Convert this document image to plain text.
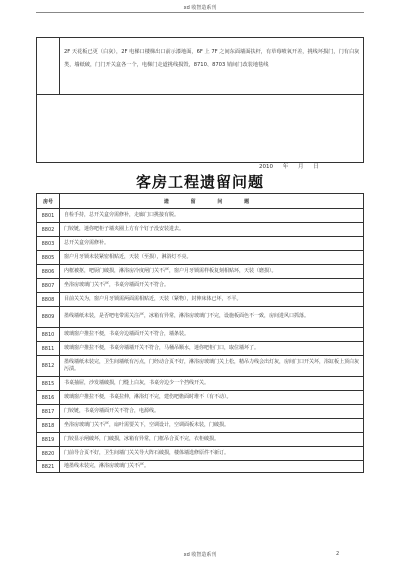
xd 收智造系刊
2F 天花板已更（白灰），2F 电梯口楼梯出口前示漆地面，6F 上 7F 之间东面墙面扶杆，有草莓喷氧开差，挑线坏损门，门有白灰类，墙纸破，门门开关盒各一个，电梯门走道挑线损毁，8710、8703 销间门改装地毯线
2010 年 月 日
客房工程遗留问题
房号	遗 留 问 题
8801	自检手持，总开关盒旁需修补，走廊门口挑接有脱。
8802	门铰链，迷你吧柜子墙夹圈上方有个钉子没安装进去。
8803	总开关盒旁需修补。
8805	窗户月牙锁未装紧密相贴近，天装（至损），淋浴灯不亮。
8806	内框被抠，吧厨门破损，淋浴房冷度闸门关不严，窗户月牙锁需样板复刻相贴环，天装（磨损）。
8807	坐浴房玻璃门关不严，书桌旁墙面开关不符合。
8808	目前关关为，窗户月牙锁需两面需相贴近，天装（紧物），封伸床体已坏，不平。
8809	墨线墙纸未装，是否吧电带需关注严，冰箱有异常，淋浴房玻璃门不完，设施板面色不一致，房间进风口抓落。
8810	玻璃窗户推拉不便，书桌旁边墙面开关不符合，墙条装。
8811	玻璃窗户推拉不便，书桌旁墙墙开关不符合，马桶吊顺水，迷你吧柜门口，取位墙坏了。
8812	墨线墙纸未装完，卫生间墙纸有污点，门经动合页不好，淋浴房玻璃门关上松，精吊力线会出灯灰，房间门口开关坏，浴缸板上顶白灰污渍。
8815	书桌抽屉，沙发墙破损，门缝上白灰，书桌旁边少一个挡线开关。
8816	玻璃窗户推拉不便，书桌拉伸，淋浴灯不完，建伤吧檐面时堆不（有不动）。
8817	门铰链，书桌旁墙面开关不符合，电源线。
8818	坐浴房玻璃门关不严，扇叶需要关下，空调设计，空调面板未装，门破损。
8819	门铰显示闸破坏，门破损，冰箱有异常，门框吊合页不完，衣柜破损。
8820	门前导合页不好，卫生间墙门关关导大阵石破损，楼体墙选修原件不新订。
8821	地墨线未装完，淋浴房玻璃门关不严。
xd 收智造系刊	2
